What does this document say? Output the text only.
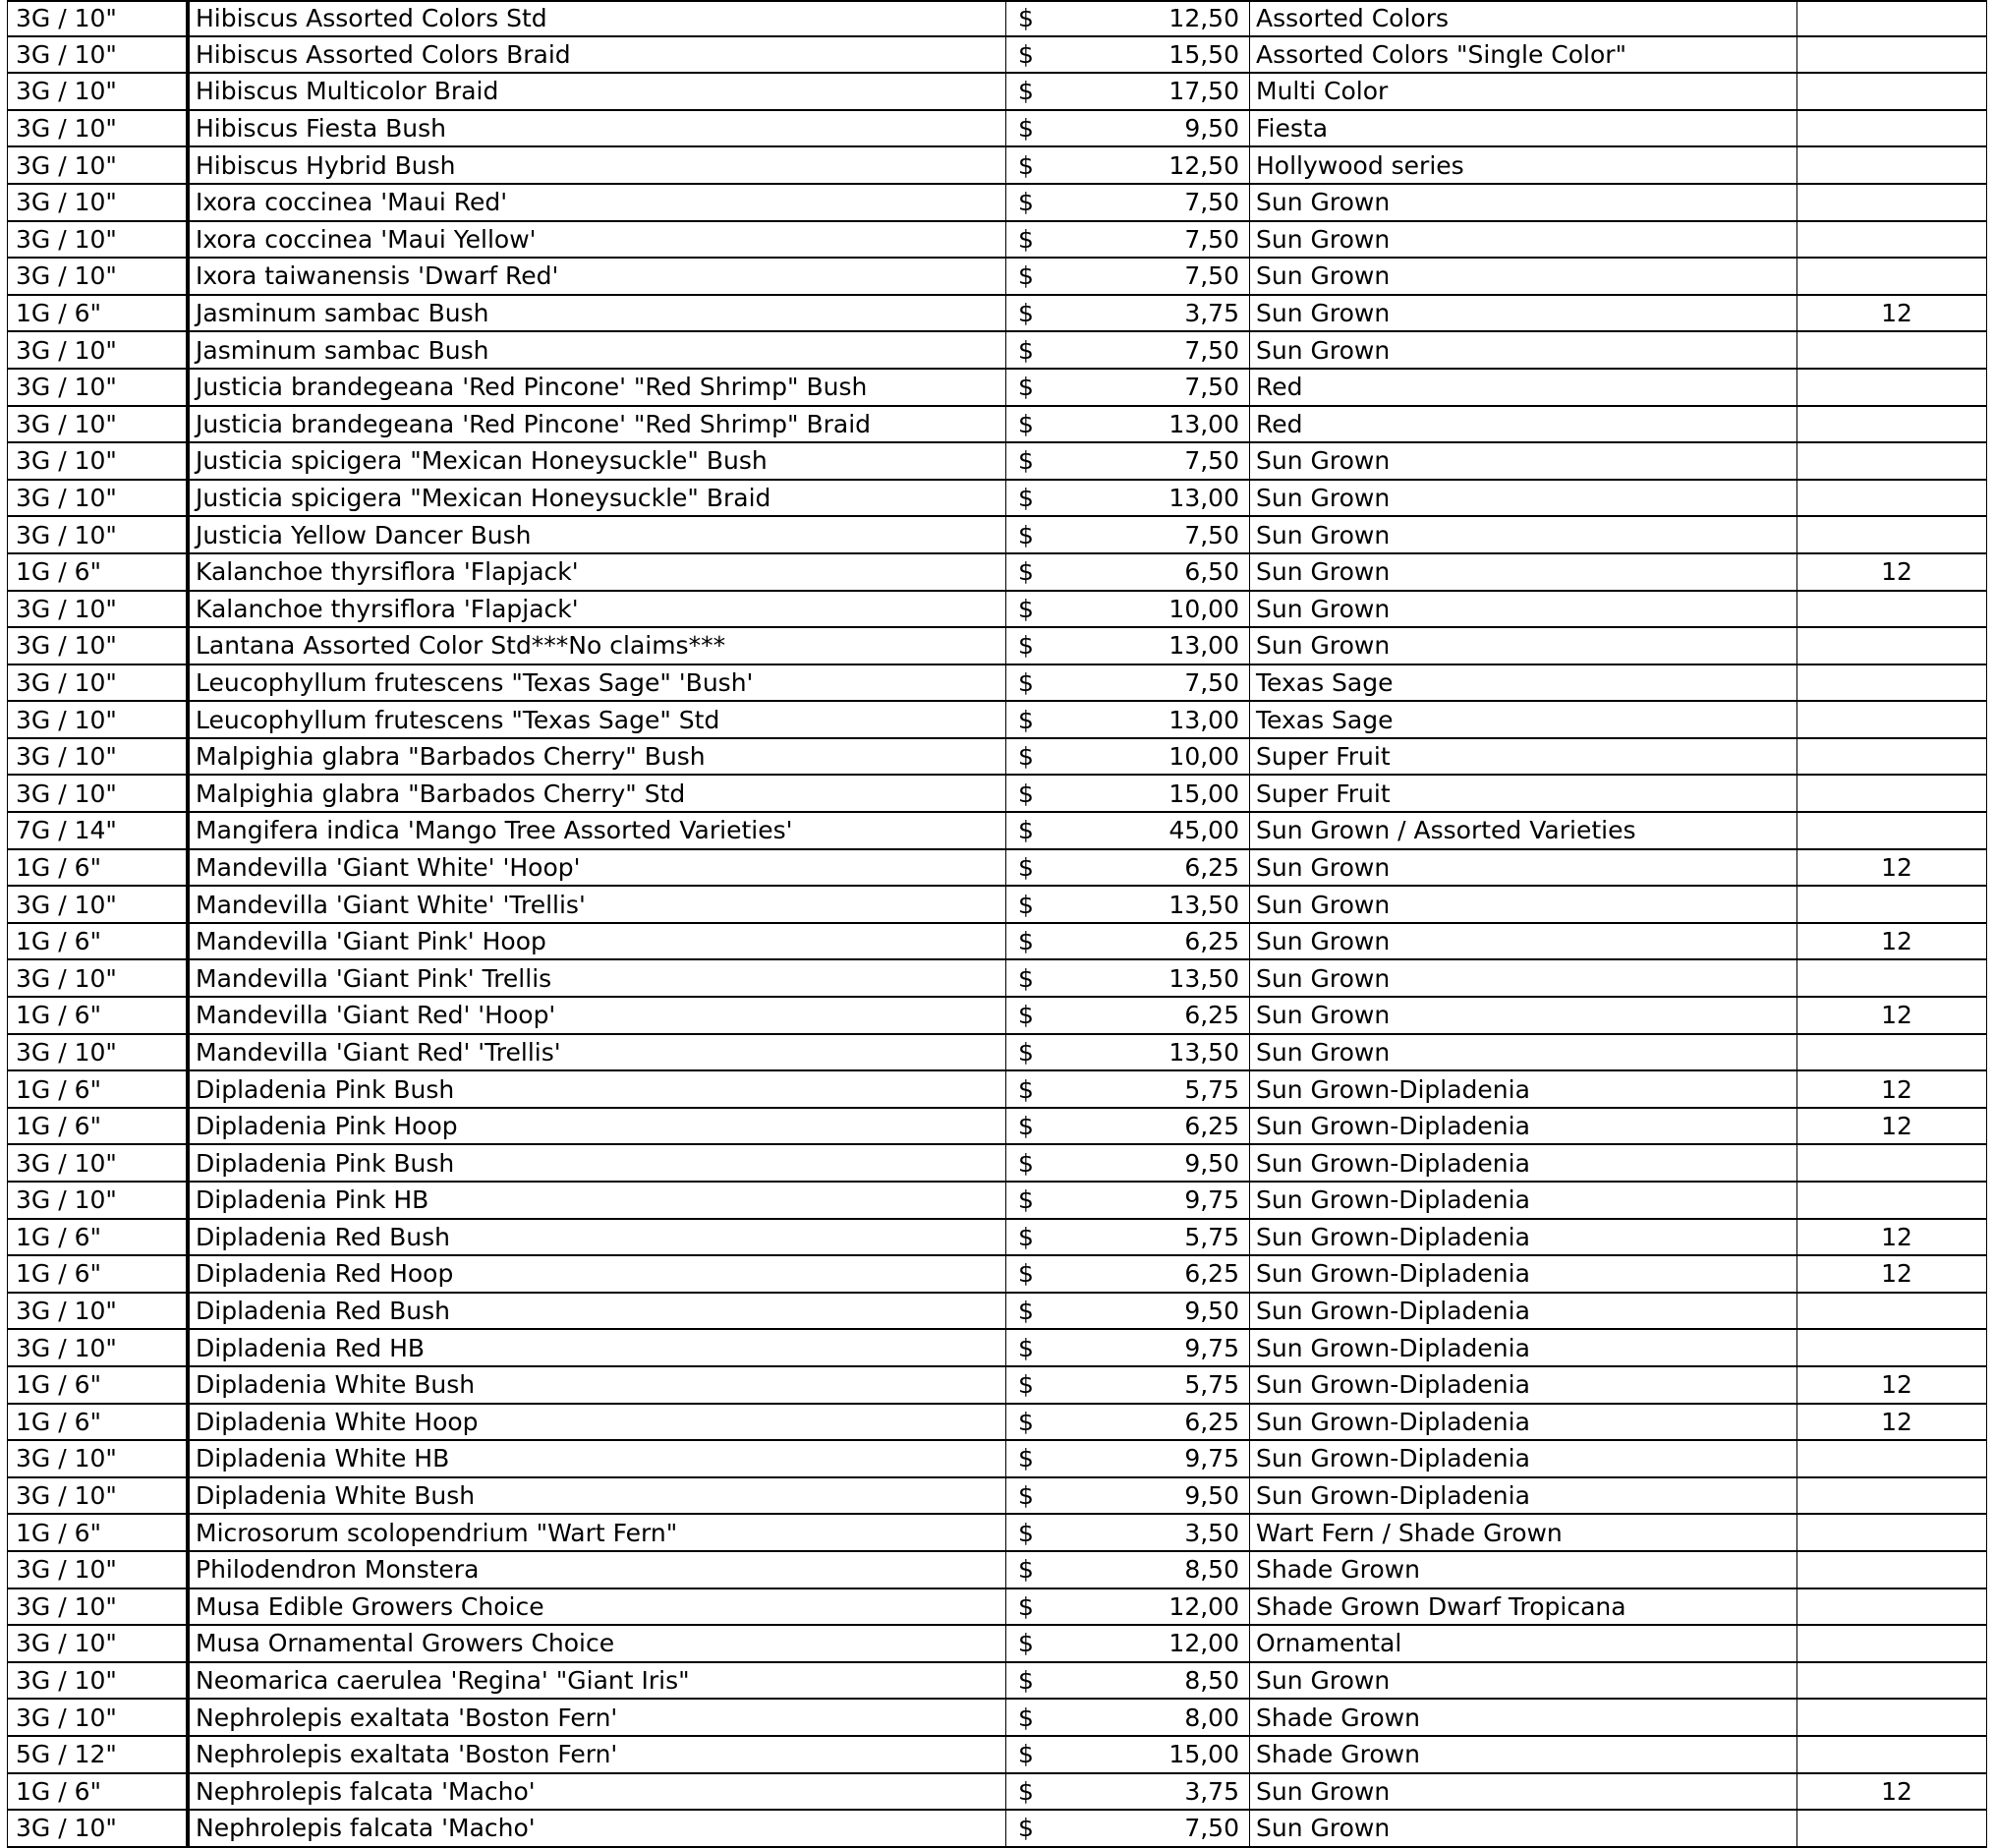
3G / 10"	Hibiscus Assorted Colors Std	$	12,50 Assorted Colors
3G / 10"	Hibiscus Assorted Colors Braid	$	15,50 Assorted Colors "Single Color"
3G / 10"	Hibiscus Multicolor Braid	$	17,50 Multi Color
3G / 10"	Hibiscus Fiesta Bush	$	9,50 Fiesta
3G / 10"	Hibiscus Hybrid Bush	$	12,50 Hollywood series
3G / 10"	Ixora coccinea 'Maui Red'	$	7,50 Sun Grown
3G / 10"	Ixora coccinea 'Maui Yellow'	$	7,50 Sun Grown
3G / 10"	Ixora taiwanensis 'Dwarf Red'	$	7,50 Sun Grown
1G / 6"	Jasminum sambac Bush	$	3,75 Sun Grown	12
3G / 10"	Jasminum sambac Bush	$	7,50 Sun Grown
3G / 10"	Justicia brandegeana 'Red Pincone' "Red Shrimp" Bush	$	7,50 Red
3G / 10"	Justicia brandegeana 'Red Pincone' "Red Shrimp" Braid	$	13,00 Red
3G / 10"	Justicia spicigera "Mexican Honeysuckle" Bush	$	7,50 Sun Grown
3G / 10"	Justicia spicigera "Mexican Honeysuckle" Braid	$	13,00 Sun Grown
3G / 10"	Justicia Yellow Dancer Bush	$	7,50 Sun Grown
1G / 6"	Kalanchoe thyrsiflora 'Flapjack'	$	6,50 Sun Grown	12
3G / 10"	Kalanchoe thyrsiflora 'Flapjack'	$	10,00 Sun Grown
3G / 10"	Lantana Assorted Color Std***No claims***	$	13,00 Sun Grown
3G / 10"	Leucophyllum frutescens "Texas Sage" 'Bush'	$	7,50 Texas Sage
3G / 10"	Leucophyllum frutescens "Texas Sage" Std	$	13,00 Texas Sage
3G / 10"	Malpighia glabra "Barbados Cherry" Bush	$	10,00 Super Fruit
3G / 10"	Malpighia glabra "Barbados Cherry" Std	$	15,00 Super Fruit
7G / 14"	Mangifera indica 'Mango Tree Assorted Varieties'	$	45,00 Sun Grown / Assorted Varieties
1G / 6"	Mandevilla 'Giant White' 'Hoop'	$	6,25 Sun Grown	12
3G / 10"	Mandevilla 'Giant White' 'Trellis'	$	13,50 Sun Grown
1G / 6"	Mandevilla 'Giant Pink' Hoop	$	6,25 Sun Grown	12
3G / 10"	Mandevilla 'Giant Pink' Trellis	$	13,50 Sun Grown
1G / 6"	Mandevilla 'Giant Red' 'Hoop'	$	6,25 Sun Grown	12
3G / 10"	Mandevilla 'Giant Red' 'Trellis'	$	13,50 Sun Grown
1G / 6"	Dipladenia Pink Bush	$	5,75 Sun Grown-Dipladenia	12
1G / 6"	Dipladenia Pink Hoop	$	6,25 Sun Grown-Dipladenia	12
3G / 10"	Dipladenia Pink Bush	$	9,50 Sun Grown-Dipladenia
3G / 10"	Dipladenia Pink HB	$	9,75 Sun Grown-Dipladenia
1G / 6"	Dipladenia Red Bush	$	5,75 Sun Grown-Dipladenia	12
1G / 6"	Dipladenia Red Hoop	$	6,25 Sun Grown-Dipladenia	12
3G / 10"	Dipladenia Red Bush	$	9,50 Sun Grown-Dipladenia
3G / 10"	Dipladenia Red HB	$	9,75 Sun Grown-Dipladenia
1G / 6"	Dipladenia White Bush	$	5,75 Sun Grown-Dipladenia	12
1G / 6"	Dipladenia White Hoop	$	6,25 Sun Grown-Dipladenia	12
3G / 10"	Dipladenia White HB	$	9,75 Sun Grown-Dipladenia
3G / 10"	Dipladenia White Bush	$	9,50 Sun Grown-Dipladenia
1G / 6"	Microsorum scolopendrium "Wart Fern"	$	3,50 Wart Fern / Shade Grown
3G / 10"	Philodendron Monstera	$	8,50 Shade Grown
3G / 10"	Musa Edible Growers Choice	$	12,00 Shade Grown Dwarf Tropicana
3G / 10"	Musa Ornamental Growers Choice	$	12,00 Ornamental
3G / 10"	Neomarica caerulea 'Regina' "Giant Iris"	$	8,50 Sun Grown
3G / 10"	Nephrolepis exaltata 'Boston Fern'	$	8,00 Shade Grown
5G / 12"	Nephrolepis exaltata 'Boston Fern'	$	15,00 Shade Grown
1G / 6"	Nephrolepis falcata 'Macho'	$	3,75 Sun Grown	12
3G / 10"	Nephrolepis falcata 'Macho'	$	7,50 Sun Grown
